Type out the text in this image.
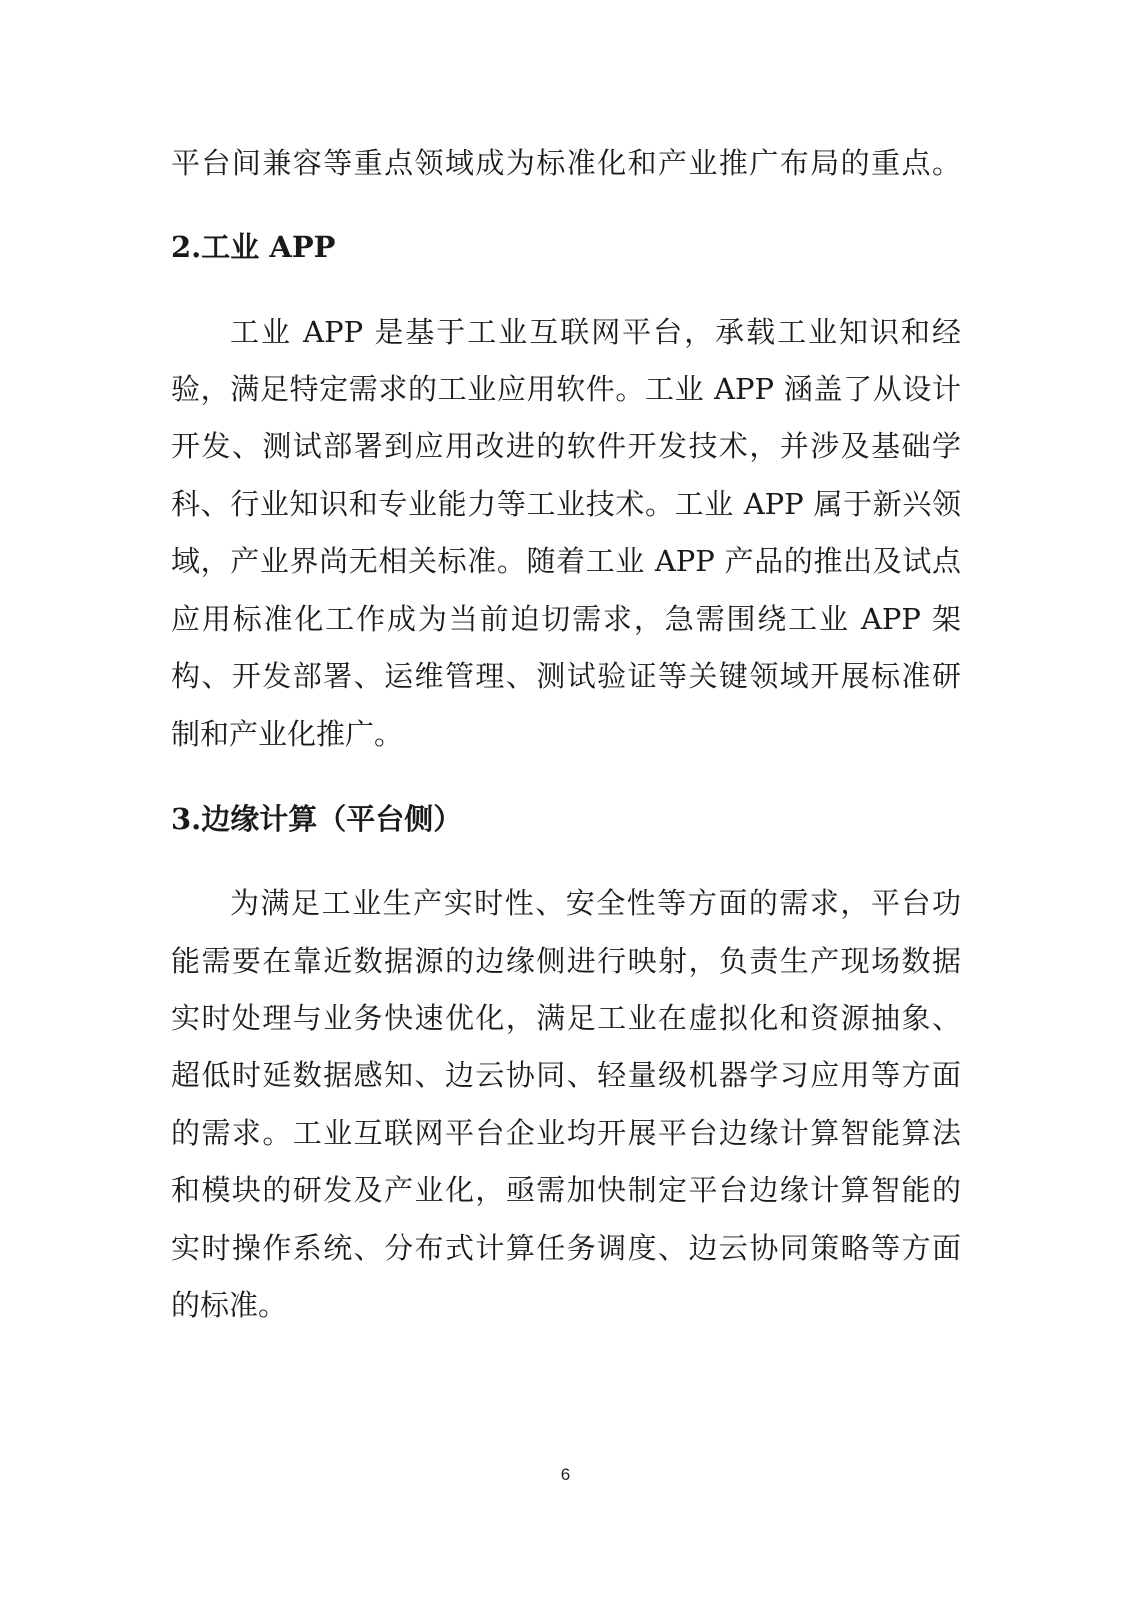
平台间兼容等重点领域成为标准化和产业推广布局的重点。
2.工业 APP
工业 APP 是基于工业互联网平台，承载工业知识和经
验，满足特定需求的工业应用软件。工业 APP 涵盖了从设计
开发、测试部署到应用改进的软件开发技术，并涉及基础学
科、行业知识和专业能力等工业技术。工业 APP 属于新兴领
域，产业界尚无相关标准。随着工业 APP 产品的推出及试点
应用标准化工作成为当前迫切需求，急需围绕工业 APP 架
构、开发部署、运维管理、测试验证等关键领域开展标准研
制和产业化推广。
3.边缘计算（平台侧）
为满足工业生产实时性、安全性等方面的需求，平台功
能需要在靠近数据源的边缘侧进行映射，负责生产现场数据
实时处理与业务快速优化，满足工业在虚拟化和资源抽象、
超低时延数据感知、边云协同、轻量级机器学习应用等方面
的需求。工业互联网平台企业均开展平台边缘计算智能算法
和模块的研发及产业化，亟需加快制定平台边缘计算智能的
实时操作系统、分布式计算任务调度、边云协同策略等方面
的标准。
6
